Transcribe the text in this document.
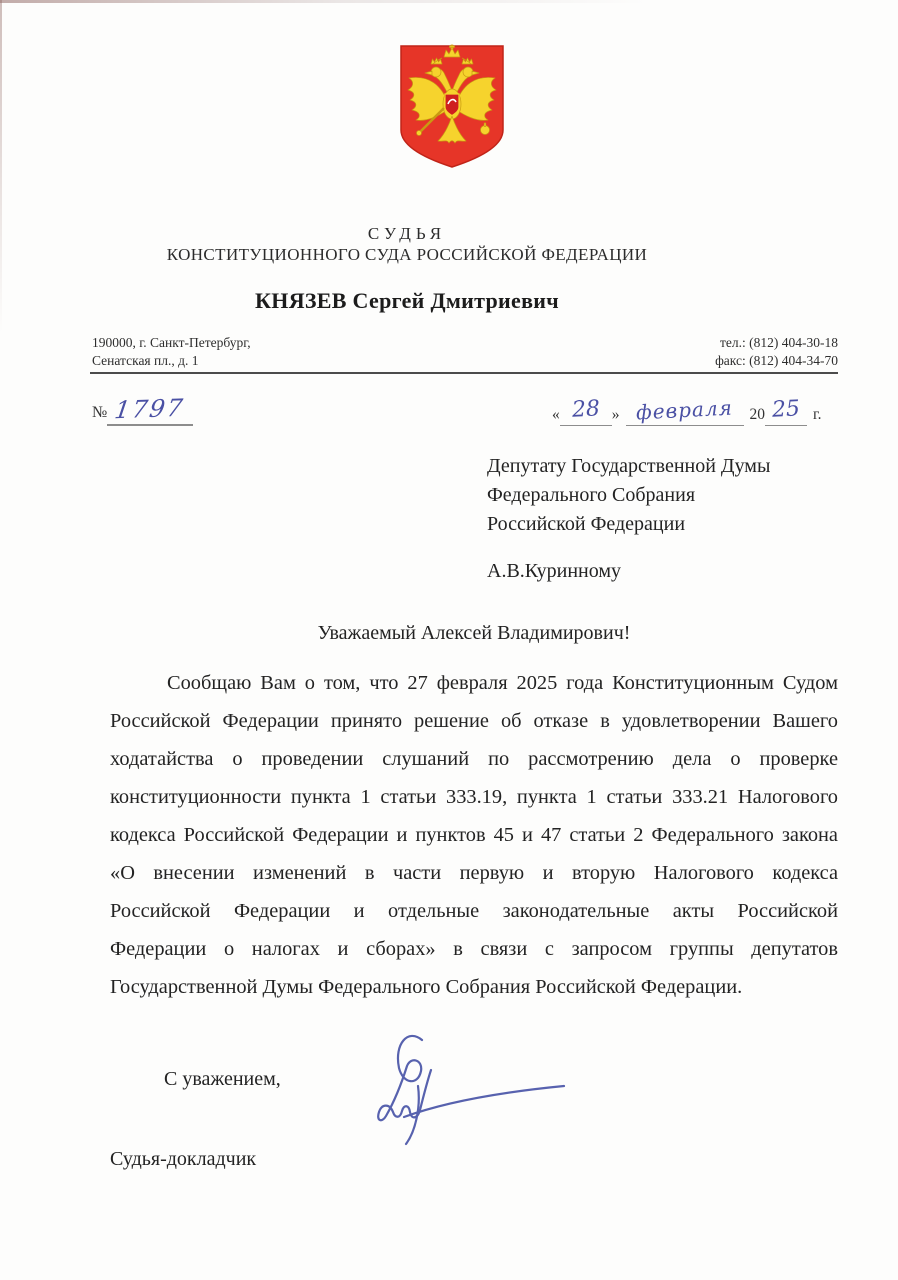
СУДЬЯ
КОНСТИТУЦИОННОГО СУДА РОССИЙСКОЙ ФЕДЕРАЦИИ
КНЯЗЕВ Сергей Дмитриевич
190000, г. Санкт-Петербург,
Сенатская пл., д. 1
тел.: (812) 404-30-18
факс: (812) 404-34-70
№ 1797	« 28 » февраля	20 25 г.
Депутату Государственной Думы
Федерального Собрания
Российской Федерации
А.В.Куринному
Уважаемый Алексей Владимирович!
Сообщаю Вам о том, что 27 февраля 2025 года Конституционным Судом
Российской Федерации принято решение об отказе в удовлетворении Вашего
ходатайства о проведении слушаний по рассмотрению дела о проверке
конституционности пункта 1 статьи 333.19, пункта 1 статьи 333.21 Налогового
кодекса Российской Федерации и пунктов 45 и 47 статьи 2 Федерального закона
«О внесении изменений в части первую и вторую Налогового кодекса
Российской Федерации и отдельные законодательные акты Российской
Федерации о налогах и сборах» в связи с запросом группы депутатов
Государственной Думы Федерального Собрания Российской Федерации.
С уважением,
Судья-докладчик
